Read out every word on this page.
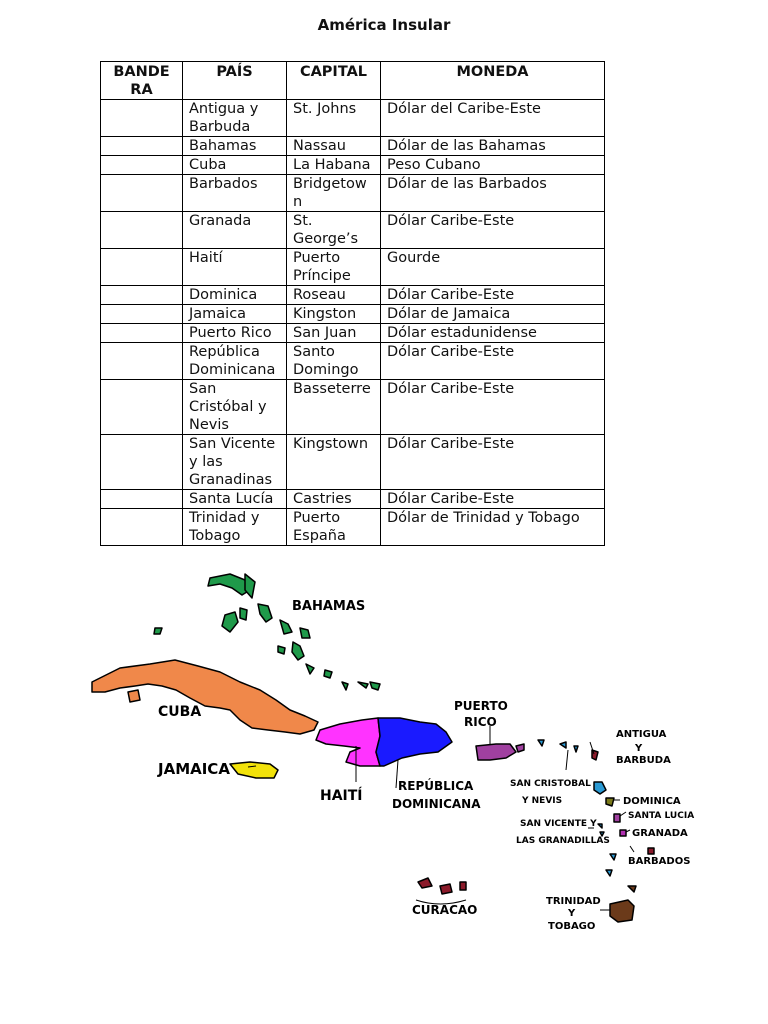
América Insular
BANDE RA	PAÍS	CAPITAL	MONEDA
	Antigua y Barbuda	St. Johns	Dólar del Caribe-Este
	Bahamas	Nassau	Dólar de las Bahamas
	Cuba	La Habana	Peso Cubano
	Barbados	Bridgetow n	Dólar de las Barbados
	Granada	St. George’s	Dólar Caribe-Este
	Haití	Puerto Príncipe	Gourde
	Dominica	Roseau	Dólar Caribe-Este
	Jamaica	Kingston	Dólar de Jamaica
	Puerto Rico	San Juan	Dólar estadunidense
	República Dominicana	Santo Domingo	Dólar Caribe-Este
	San Cristóbal y Nevis	Basseterre	Dólar Caribe-Este
	San Vicente y las Granadinas	Kingstown	Dólar Caribe-Este
	Santa Lucía	Castries	Dólar Caribe-Este
	Trinidad y Tobago	Puerto España	Dólar de Trinidad y Tobago
BAHAMAS
CUBA
JAMAICA
HAITÍ
PUERTO
RICO
REPÚBLICA
DOMINICANA
ANTIGUA
Y
BARBUDA
SAN CRISTOBAL
Y NEVIS	DOMINICA
SANTA LUCIA
SAN VICENTE Y
LAS GRANADILLAS
GRANADA
BARBADOS
CURACAO
TRINIDAD
Y
TOBAGO
